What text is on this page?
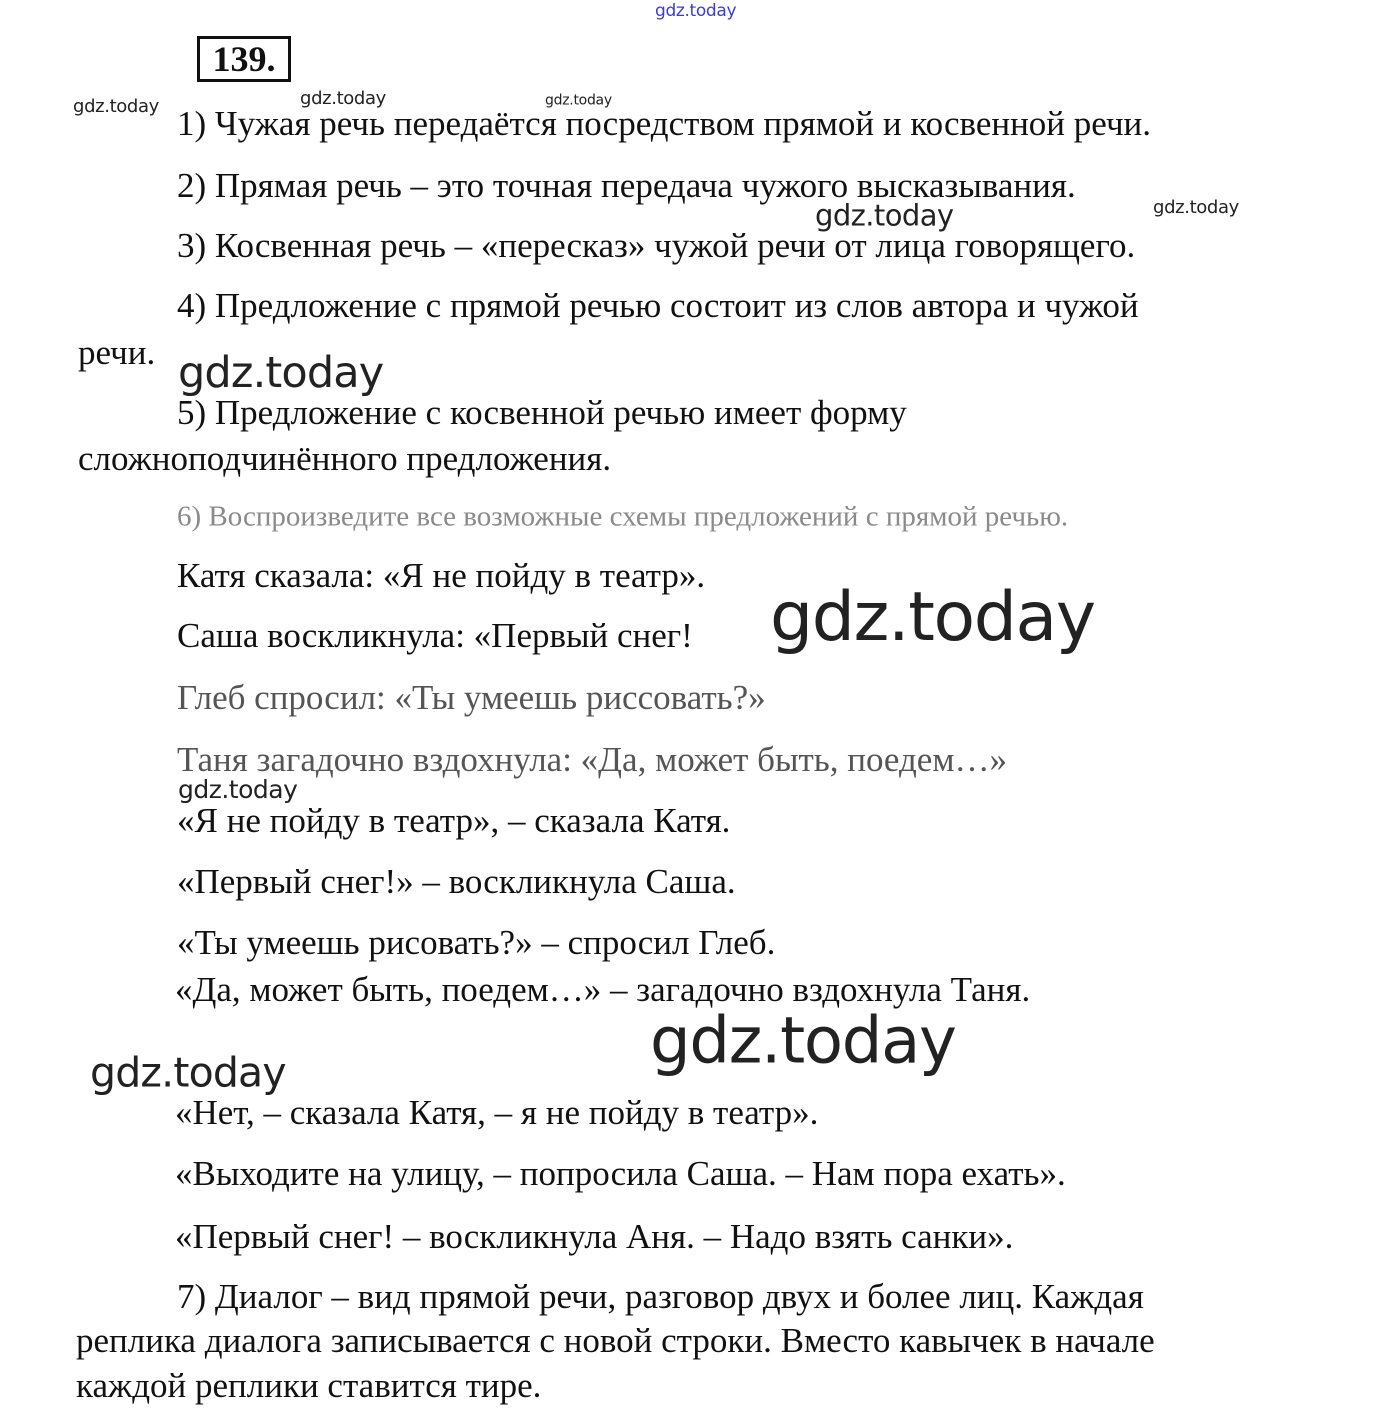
139.
1) Чужая речь передаётся посредством прямой и косвенной речи.
2) Прямая речь – это точная передача чужого высказывания.
3) Косвенная речь – «пересказ» чужой речи от лица говорящего.
4) Предложение с прямой речью состоит из слов автора и чужой
речи.
5) Предложение с косвенной речью имеет форму
сложноподчинённого предложения.
6) Воспроизведите все возможные схемы предложений с прямой речью.
Катя сказала: «Я не пойду в театр».
Саша воскликнула: «Первый снег!
Глеб спросил: «Ты умеешь риссовать?»
Таня загадочно вздохнула: «Да, может быть, поедем…»
«Я не пойду в театр», – сказала Катя.
«Первый снег!» – воскликнула Саша.
«Ты умеешь рисовать?» – спросил Глеб.
«Да, может быть, поедем…» – загадочно вздохнула Таня.
«Нет, – сказала Катя, – я не пойду в театр».
«Выходите на улицу, – попросила Саша. – Нам пора ехать».
«Первый снег! – воскликнула Аня. – Надо взять санки».
7) Диалог – вид прямой речи, разговор двух и более лиц. Каждая
реплика диалога записывается с новой строки. Вместо кавычек в начале
каждой реплики ставится тире.
gdz.today
gdz.today	gdz.today	gdz.today
gdz.today	gdz.today
gdz.today
gdz.today
gdz.today
gdz.today
gdz.today
